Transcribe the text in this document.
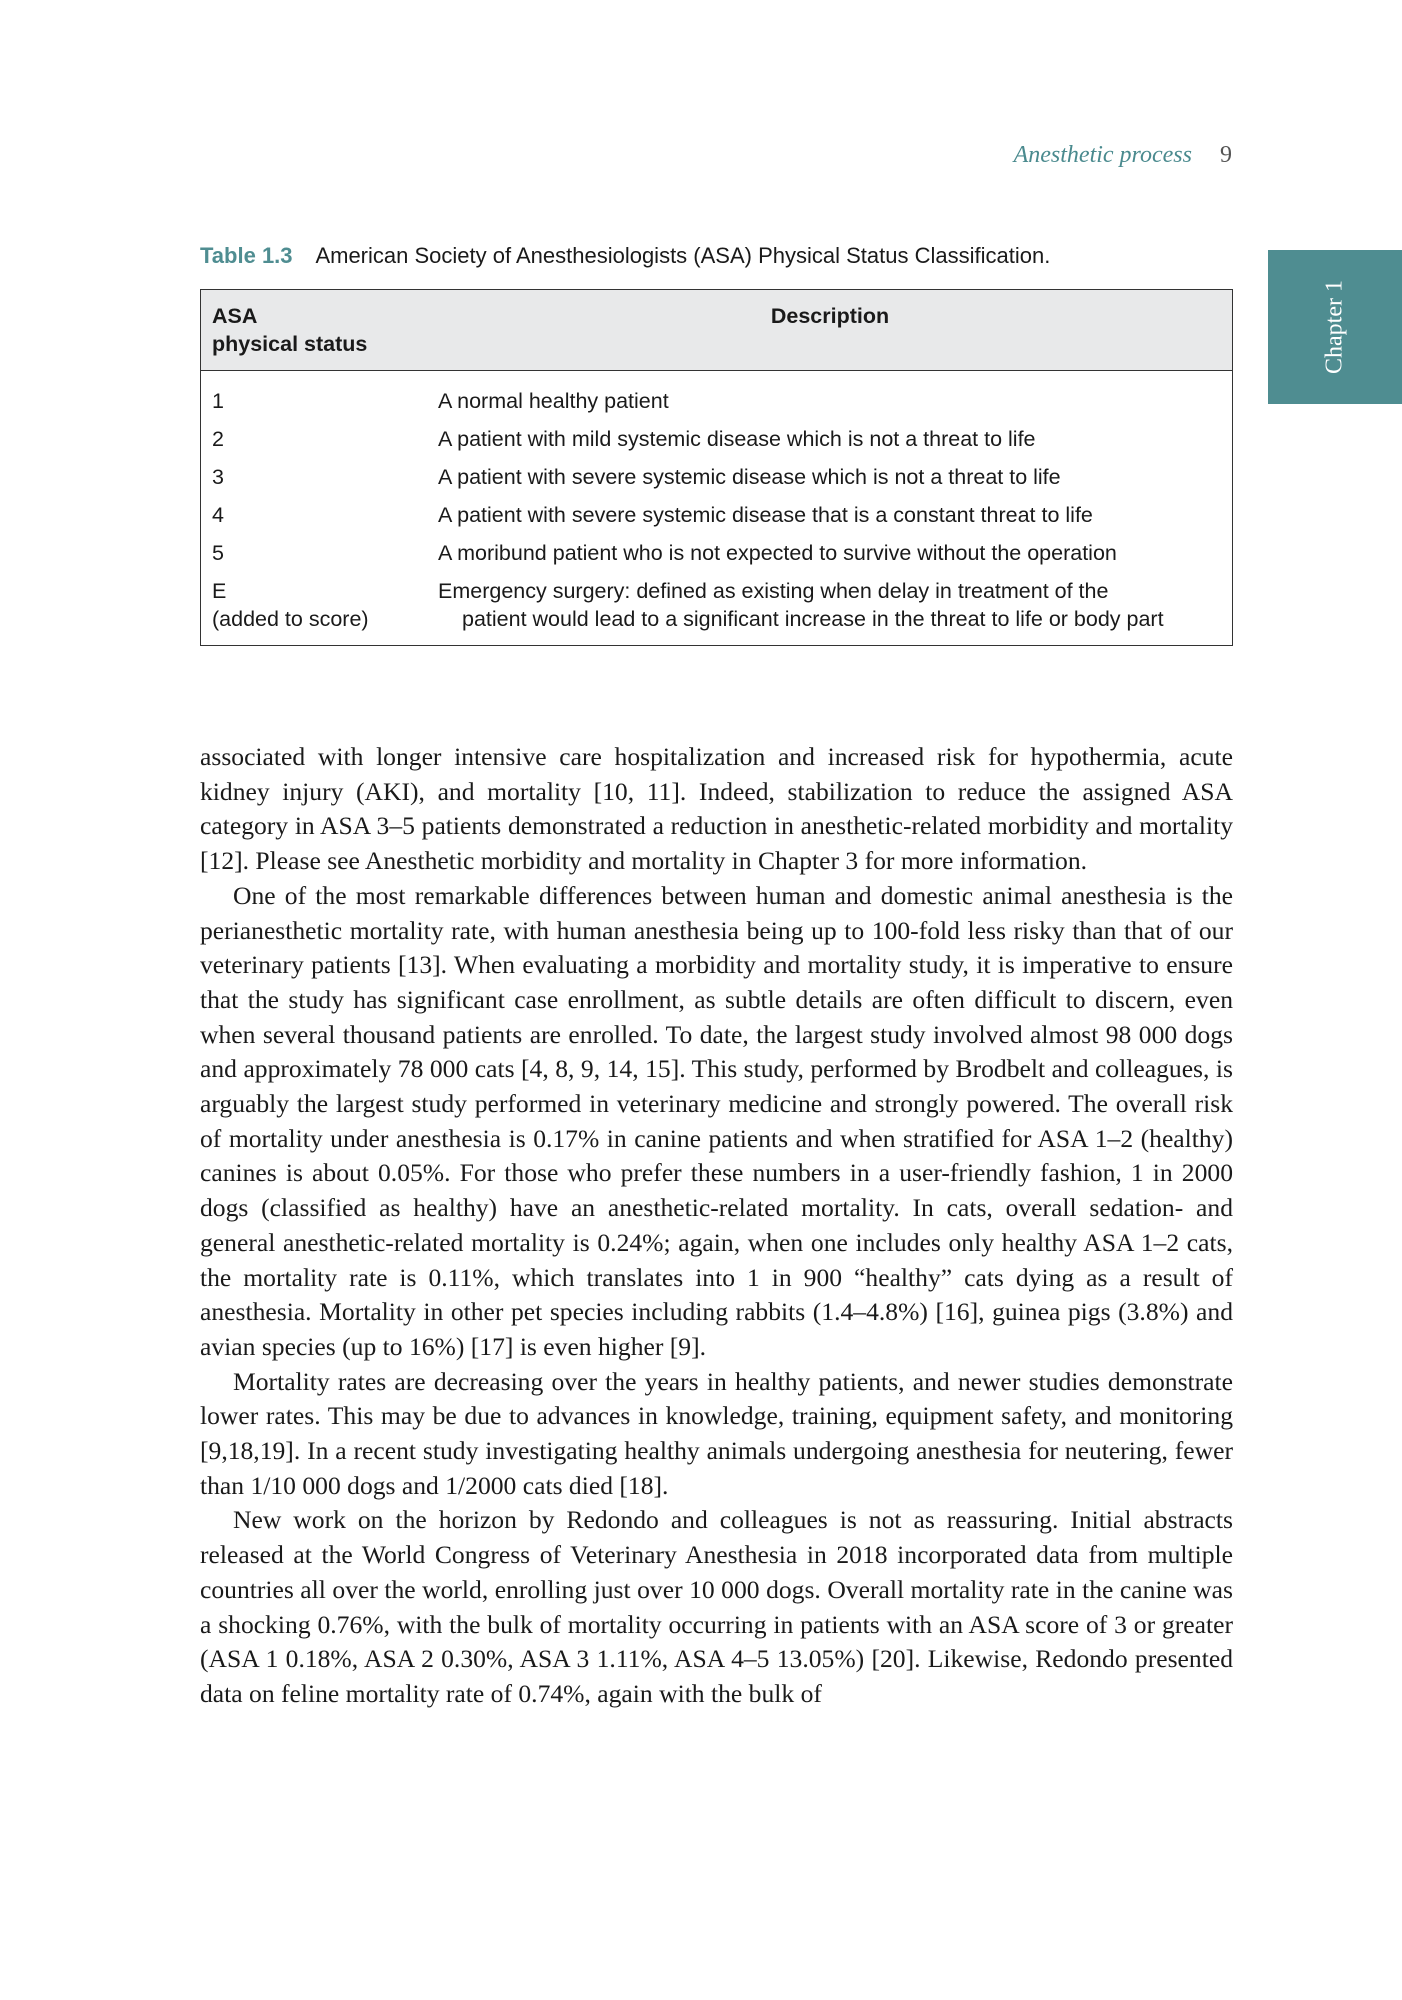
Anesthetic process 9
Chapter 1
Table 1.3 American Society of Anesthesiologists (ASA) Physical Status Classification.
ASA
physical status	Description
1	A normal healthy patient
2	A patient with mild systemic disease which is not a threat to life
3	A patient with severe systemic disease which is not a threat to life
4	A patient with severe systemic disease that is a constant threat to life
5	A moribund patient who is not expected to survive without the operation

E
(added to score)	Emergency surgery: defined as existing when delay in treatment of the
patient would lead to a significant increase in the threat to life or body part

associated with longer intensive care hospitalization and increased risk for hypothermia, acute kidney injury (AKI), and mortality [10, 11]. Indeed, stabilization to reduce the assigned ASA category in ASA 3–5 patients demonstrated a reduction in anesthetic-related morbidity and mortality [12]. Please see Anesthetic morbidity and mortality in Chapter 3 for more information.

One of the most remarkable differences between human and domestic animal anesthesia is the perianesthetic mortality rate, with human anesthesia being up to 100-fold less risky than that of our veterinary patients [13]. When evaluating a morbidity and mortality study, it is imperative to ensure that the study has significant case enrollment, as subtle details are often difficult to discern, even when several thousand patients are enrolled. To date, the largest study involved almost 98 000 dogs and approximately 78 000 cats [4, 8, 9, 14, 15]. This study, performed by Brodbelt and colleagues, is arguably the largest study performed in veterinary medicine and strongly powered. The overall risk of mortality under anesthesia is 0.17% in canine patients and when stratified for ASA 1–2 (healthy) canines is about 0.05%. For those who prefer these numbers in a user-friendly fashion, 1 in 2000 dogs (classified as healthy) have an anesthetic-related mortality. In cats, overall sedation- and general anesthetic-related mortality is 0.24%; again, when one includes only healthy ASA 1–2 cats, the mortality rate is 0.11%, which translates into 1 in 900 “healthy” cats dying as a result of anesthesia. Mortality in other pet species including rabbits (1.4–4.8%) [16], guinea pigs (3.8%) and avian species (up to 16%) [17] is even higher [9].

Mortality rates are decreasing over the years in healthy patients, and newer studies demonstrate lower rates. This may be due to advances in knowledge, training, equipment safety, and monitoring [9,18,19]. In a recent study investigating healthy animals undergoing anesthesia for neutering, fewer than 1/10 000 dogs and 1/2000 cats died [18].

New work on the horizon by Redondo and colleagues is not as reassuring. Initial abstracts released at the World Congress of Veterinary Anesthesia in 2018 incorporated data from multiple countries all over the world, enrolling just over 10 000 dogs. Overall mortality rate in the canine was a shocking 0.76%, with the bulk of mortality occurring in patients with an ASA score of 3 or greater (ASA 1 0.18%, ASA 2 0.30%, ASA 3 1.11%, ASA 4–5 13.05%) [20]. Likewise, Redondo presented data on feline mortality rate of 0.74%, again with the bulk of
